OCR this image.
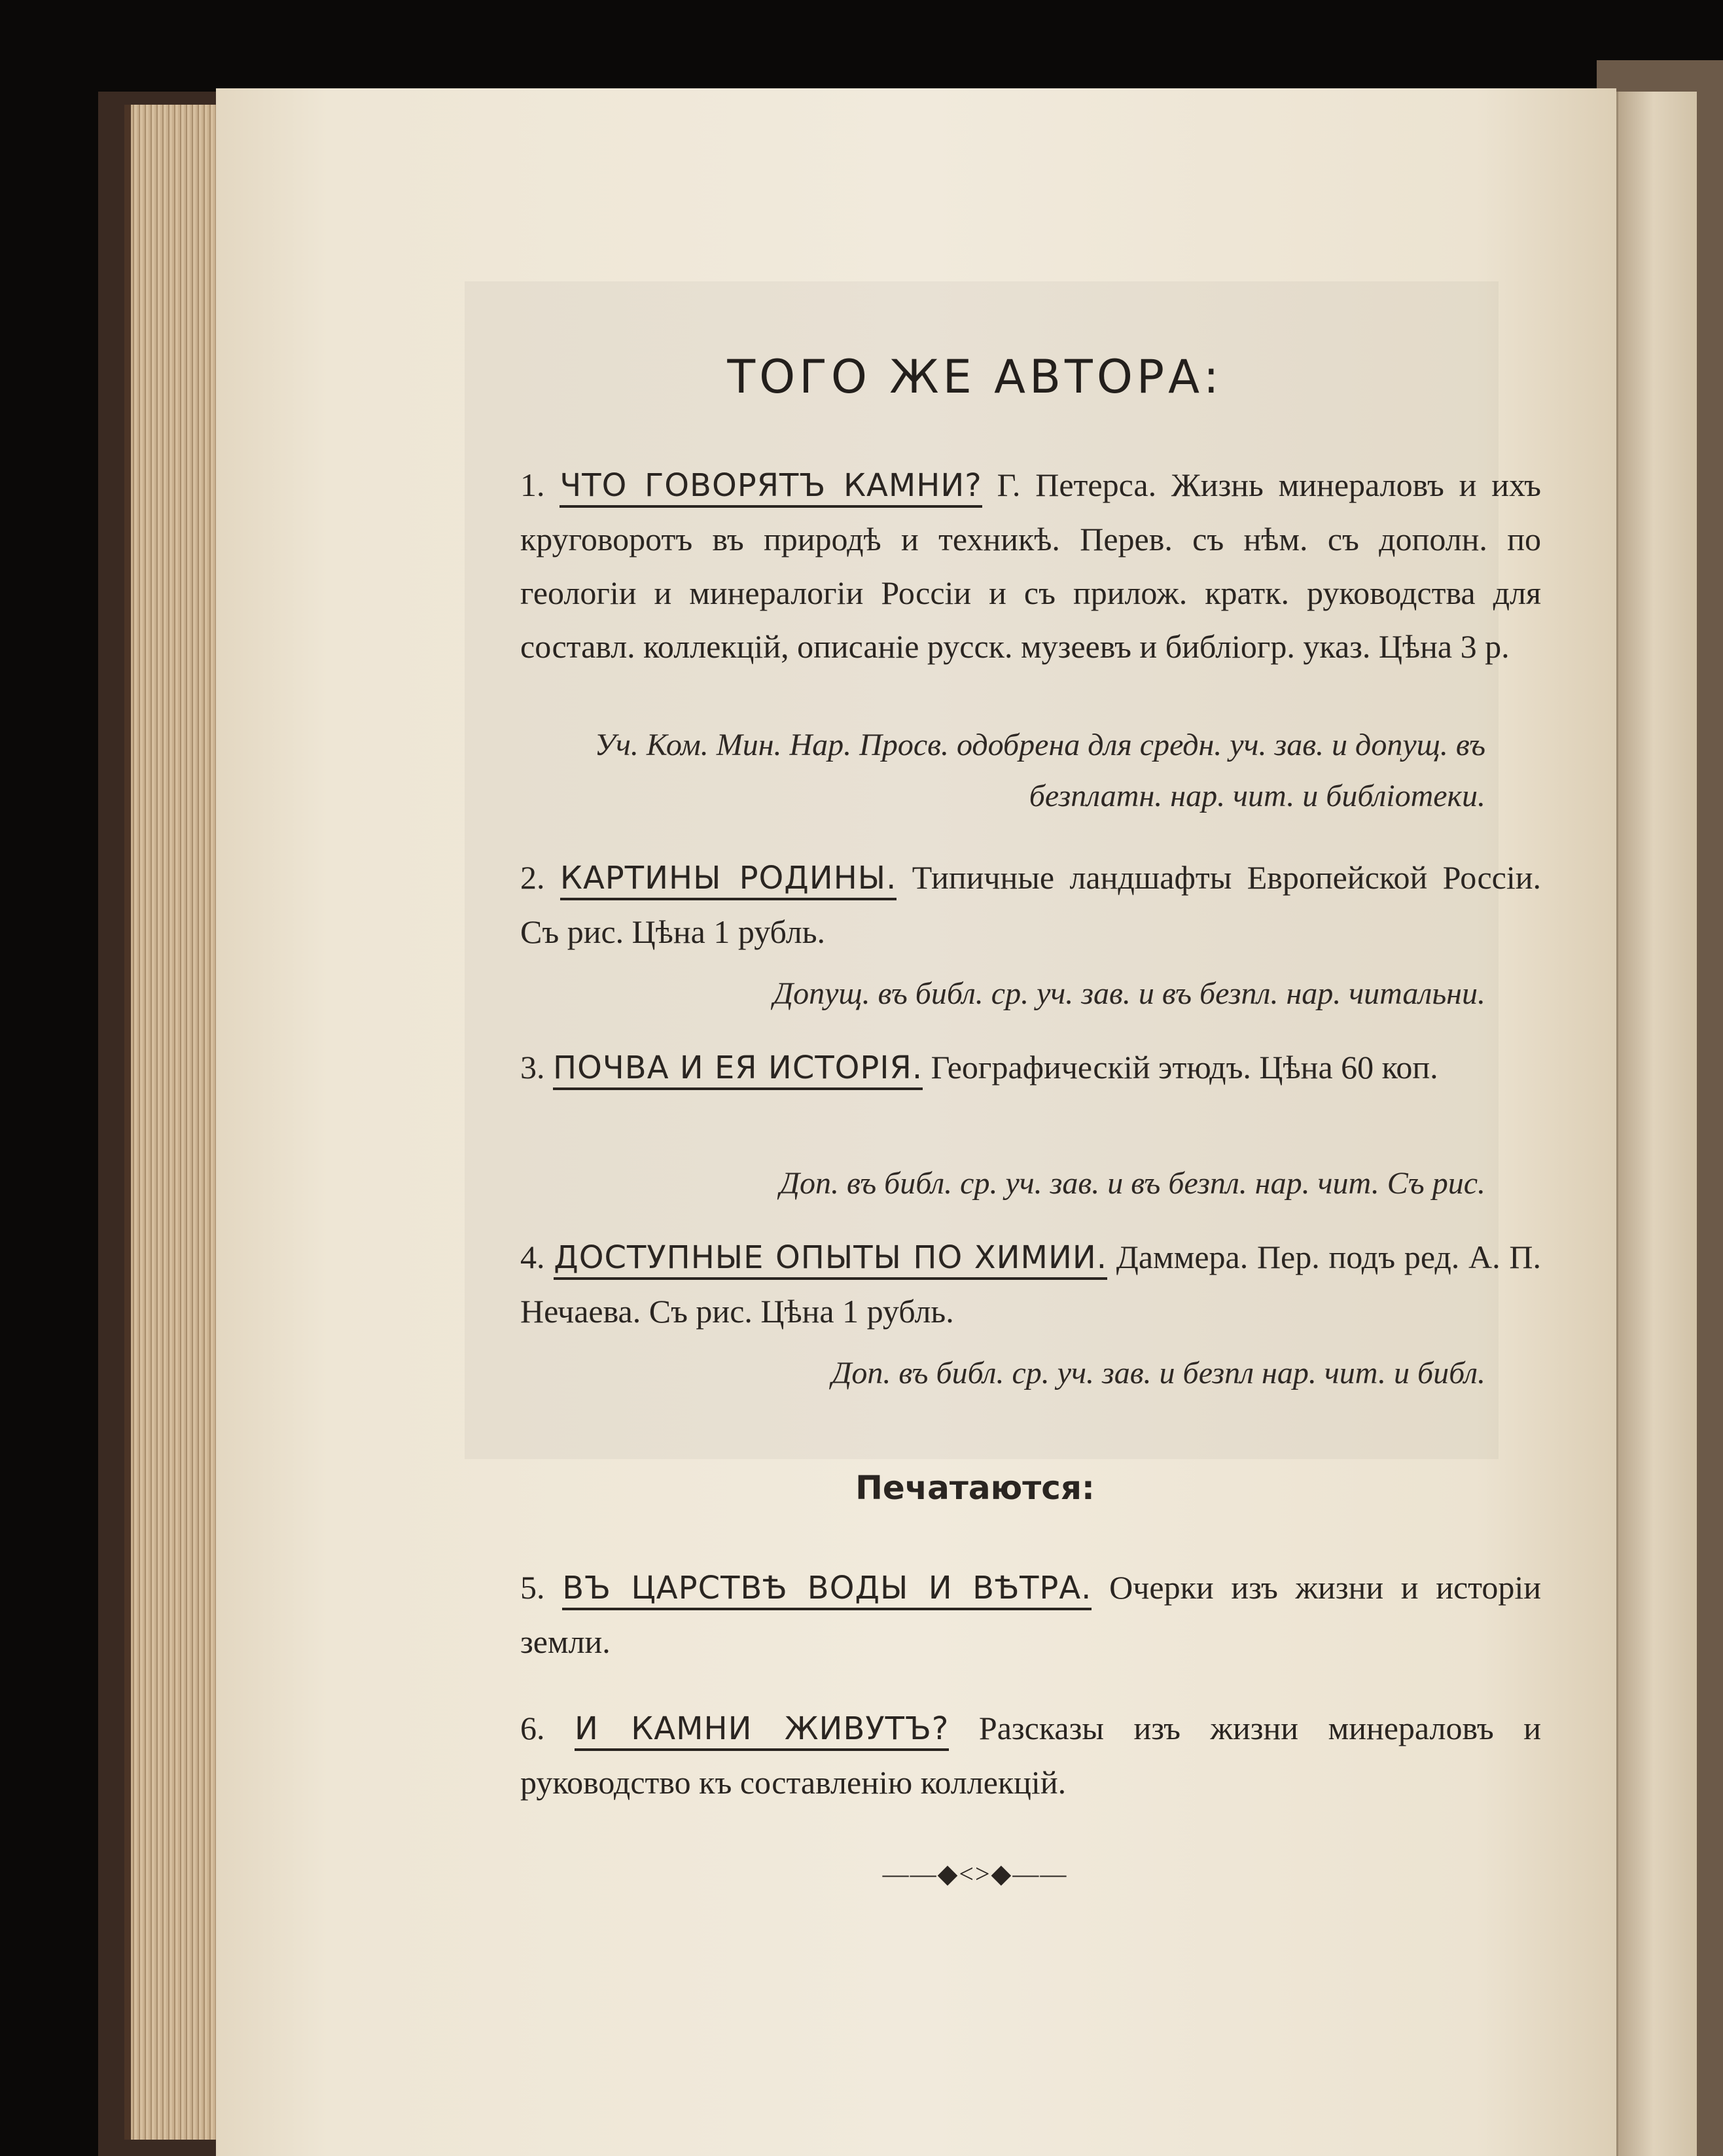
ТОГО ЖЕ АВТОРА:
1. ЧТО ГОВОРЯТЪ КАМНИ? Г. Петерса. Жизнь минераловъ и ихъ круговоротъ въ природѣ и техникѣ. Перев. съ нѣм. съ дополн. по геологіи и минералогіи Россіи и съ прилож. кратк. руководства для составл. коллекцій, описаніе русск. музеевъ и библіогр. указ. Цѣна 3 р.
Уч. Ком. Мин. Нар. Просв. одобрена для средн. уч. зав. и допущ. въ безплатн. нар. чит. и библіотеки.
2. КАРТИНЫ РОДИНЫ. Типичные ландшафты Европейской Россіи. Съ рис. Цѣна 1 рубль.
Допущ. въ библ. ср. уч. зав. и въ безпл. нар. читальни.
3. ПОЧВА И ЕЯ ИСТОРІЯ. Географическій этюдъ. Цѣна 60 коп.
Доп. въ библ. ср. уч. зав. и въ безпл. нар. чит. Съ рис.
4. ДОСТУПНЫЕ ОПЫТЫ ПО ХИМИИ. Даммера. Пер. подъ ред. А. П. Нечаева. Съ рис. Цѣна 1 рубль.
Доп. въ библ. ср. уч. зав. и безпл нар. чит. и библ.
Печатаются:
5. ВЪ ЦАРСТВѢ ВОДЫ И ВѢТРА. Очерки изъ жизни и исторіи земли.
6. И КАМНИ ЖИВУТЪ? Разсказы изъ жизни минераловъ и руководство къ составленію коллекцій.
——◆<>◆——
